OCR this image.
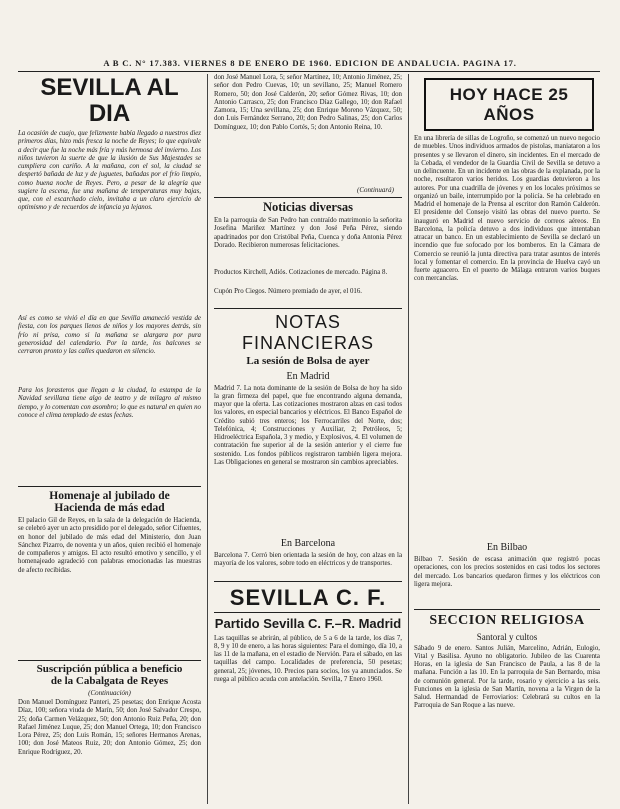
A B C. N° 17.383. VIERNES 8 DE ENERO DE 1960. EDICION DE ANDALUCIA. PAGINA 17.
SEVILLA AL DIA

La ocasión de cuajo, que felizmente había llegado a nuestros diez primeros días, hizo más fresca la noche de Reyes; lo que equivale a decir que fue la noche más fría y más hermosa del invierno. Los niños tuvieron la suerte de que la ilusión de Sus Majestades se cumpliera con cariño. A la mañana, con el sol, la ciudad se despertó bañada de luz y de juguetes, bañadas por el frío limpio, como buena noche de Reyes. Pero, a pesar de la alegría que sugiere la escena, fue una mañana de temperaturas muy bajas, que, con el escarchado cielo, invitaba a un claro ejercicio de optimismo y de recuerdos de infancia ya lejanos.

Así es como se vivió el día en que Sevilla amaneció vestida de fiesta, con los parques llenos de niños y los mayores detrás, sin frío ni prisa, como si la mañana se alargara por pura generosidad del calendario. Por la tarde, los balcones se cerraron pronto y las calles quedaron en silencio.

Para los forasteros que llegan a la ciudad, la estampa de la Navidad sevillana tiene algo de teatro y de milagro al mismo tiempo, y lo comentan con asombro; lo que es natural en quien no conoce el clima templado de estas fechas.

Homenaje al jubilado de
Hacienda de más edad

El palacio Gil de Reyes, en la sala de la delegación de Hacienda, se celebró ayer un acto presidido por el delegado, señor Cifuentes, en honor del jubilado de más edad del Ministerio, don Juan Sánchez Pizarro, de noventa y un años, quien recibió el homenaje de compañeros y amigos. El acto resultó emotivo y sencillo, y el homenajeado agradeció con palabras emocionadas las muestras de afecto recibidas.

Suscripción pública a beneficio
de la Cabalgata de Reyes
(Continuación)

Don Manuel Domínguez Panteri, 25 pesetas; don Enrique Acosta Díaz, 100; señora viuda de Marín, 50; don José Salvador Crespo, 25; doña Carmen Velázquez, 50; don Antonio Ruiz Peña, 20; don Rafael Jiménez Luque, 25; don Manuel Ortega, 10; don Francisco Lora Pérez, 25; don Luis Román, 15; señores Hermanos Arenas, 100; don José Mateos Ruiz, 20; don Antonio Gómez, 25; don Enrique Rodríguez, 20.

don José Manuel Lora, 5; señor Martínez, 10; Antonio Jiménez, 25; señor don Pedro Cuevas, 10; un sevillano, 25; Manuel Romero Romero, 50; don José Calderón, 20; señor Gómez Rivas, 10; don Antonio Carrasco, 25; don Francisco Díaz Gallego, 10; don Rafael Zamora, 15; Una sevillana, 25; don Enrique Moreno Vázquez, 50; don Luis Fernández Serrano, 20; don Pedro Salinas, 25; don Carlos Domínguez, 10; don Pablo Cortés, 5; don Antonio Reina, 10.

(Continuará)
Noticias diversas

En la parroquia de San Pedro han contraído matrimonio la señorita Josefina Mariñez Martínez y don José Peña Pérez, siendo apadrinados por don Cristóbal Peña, Cuenca y doña Antonia Pérez Dorado. Recibieron numerosas felicitaciones.

Productos Kirchell, Adiós. Cotizaciones de mercado. Página 8.

Cupón Pro Ciegos. Número premiado de ayer, el 016.

NOTAS FINANCIERAS
La sesión de Bolsa de ayer
En Madrid

Madrid 7. La nota dominante de la sesión de Bolsa de hoy ha sido la gran firmeza del papel, que fue encontrando alguna demanda, mayor que la oferta. Las cotizaciones mostraron alzas en casi todos los valores, en especial bancarios y eléctricos. El Banco Español de Crédito subió tres enteros; los Ferrocarriles del Norte, dos; Telefónica, 4; Construcciones y Auxiliar, 2; Petróleos, 5; Hidroeléctrica Española, 3 y medio, y Explosivos, 4. El volumen de contratación fue superior al de la sesión anterior y el cierre fue sostenido. Los fondos públicos registraron también ligera mejora. Las Obligaciones en general se mostraron sin cambios apreciables.

En Barcelona

Barcelona 7. Cerró bien orientada la sesión de hoy, con alzas en la mayoría de los valores, sobre todo en eléctricos y de transportes.

SEVILLA C. F.
Partido Sevilla C. F.–R. Madrid

Las taquillas se abrirán, al público, de 5 a 6 de la tarde, los días 7, 8, 9 y 10 de enero, a las horas siguientes: Para el domingo, día 10, a las 11 de la mañana, en el estadio de Nervión. Para el sábado, en las taquillas del campo. Localidades de preferencia, 50 pesetas; general, 25; jóvenes, 10. Precios para socios, los ya anunciados. Se ruega al público acuda con antelación. Sevilla, 7 Enero 1960.

HOY HACE 25 AÑOS

En una librería de sillas de Logroño, se comenzó un nuevo negocio de muebles. Unos individuos armados de pistolas, maniataron a los presentes y se llevaron el dinero, sin incidentes. En el mercado de la Cebada, el vendedor de la Guardia Civil de Sevilla se detuvo a un delincuente. En un incidente en las obras de la explanada, por la noche, resultaron varios heridos. Los guardias detuvieron a los autores. Por una cuadrilla de jóvenes y en los locales próximos se organizó un baile, interrumpido por la policía. Se ha celebrado en Madrid el homenaje de la Prensa al escritor don Ramón Calderón. El presidente del Consejo visitó las obras del nuevo puerto. Se inauguró en Madrid el nuevo servicio de correos aéreos. En Barcelona, la policía detuvo a dos individuos que intentaban atracar un banco. En un establecimiento de Sevilla se declaró un incendio que fue sofocado por los bomberos. En la Cámara de Comercio se reunió la junta directiva para tratar asuntos de interés local y fomentar el comercio. En la provincia de Huelva cayó un fuerte aguacero. En el puerto de Málaga entraron varios buques con mercancías.

En Bilbao

Bilbao 7. Sesión de escasa animación que registró pocas operaciones, con los precios sostenidos en casi todos los sectores del mercado. Los bancarios quedaron firmes y los eléctricos con ligera mejora.

SECCION RELIGIOSA
Santoral y cultos

Sábado 9 de enero. Santos Julián, Marcelino, Adrián, Eulogio, Vital y Basilisa. Ayuno no obligatorio. Jubileo de las Cuarenta Horas, en la iglesia de San Francisco de Paula, a las 8 de la mañana. Función a las 10. En la parroquia de San Bernardo, misa de comunión general. Por la tarde, rosario y ejercicio a las seis. Funciones en la iglesia de San Martín, novena a la Virgen de la Salud. Hermandad de Ferroviarios: Celebrará su cultos en la Parroquia de San Roque a las nueve.
